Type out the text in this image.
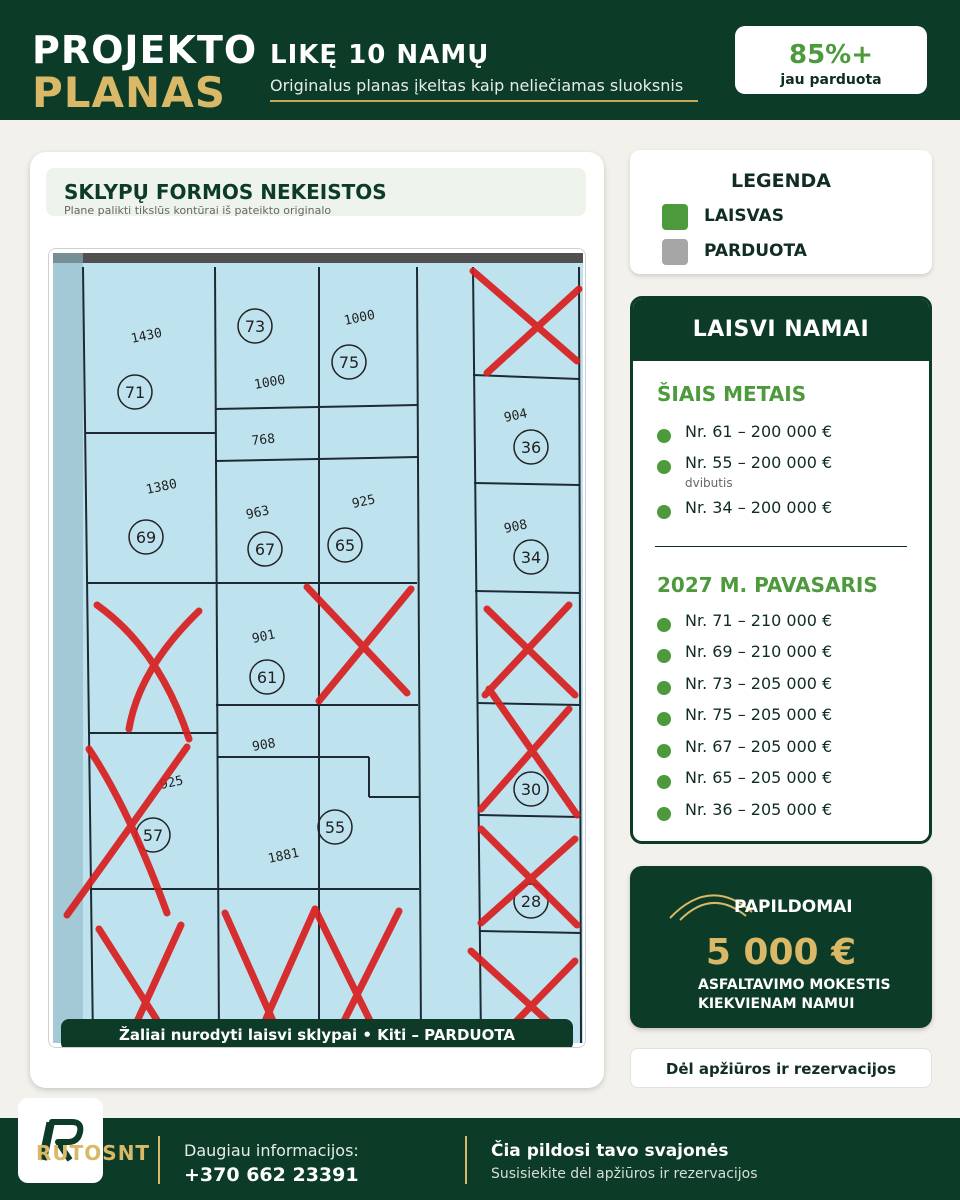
PROJEKTO
PLANAS
LIKĘ 10 NAMŲ
Originalus planas įkeltas kaip neliečiamas sluoksnis
85%+
jau parduota
SKLYPŲ FORMOS NEKEISTOS
Plane palikti tikslūs kontūrai iš pateikto originalo
1430
71
73
1000
1000
75
768
1380
69
963
67
925
65
901
61
908
55
1881
925
57
904
36
908
34
30
28
Žaliai nurodyti laisvi sklypai • Kiti – PARDUOTA
LEGENDA
LAISVAS
PARDUOTA
LAISVI NAMAI
ŠIAIS METAIS
Nr. 61 – 200 000 €
Nr. 55 – 200 000 €
dvibutis
Nr. 34 – 200 000 €
2027 M. PAVASARIS
Nr. 71 – 210 000 €
Nr. 69 – 210 000 €
Nr. 73 – 205 000 €
Nr. 75 – 205 000 €
Nr. 67 – 205 000 €
Nr. 65 – 205 000 €
Nr. 36 – 205 000 €
PAPILDOMAI
5 000 €
ASFALTAVIMO MOKESTIS
KIEKVIENAM NAMUI
Dėl apžiūros ir rezervacijos
RUTOSNT Daugiau informacijos:
+370 662 23391
Čia pildosi tavo svajonės
Susisiekite dėl apžiūros ir rezervacijos
